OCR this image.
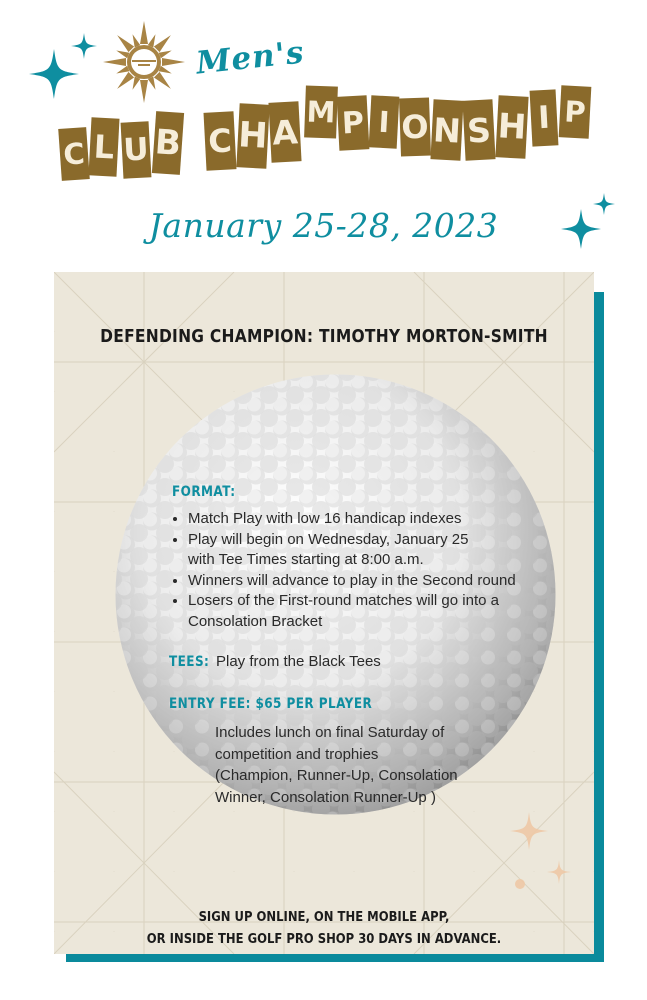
Men's
C L U B C H A M P I O N S H I P
January 25-28, 2023
DEFENDING CHAMPION: TIMOTHY MORTON-SMITH
FORMAT:
• Match Play with low 16 handicap indexes
• Play will begin on Wednesday, January 25
with Tee Times starting at 8:00 a.m.
• Winners will advance to play in the Second round
• Losers of the First-round matches will go into a
Consolation Bracket
TEES: Play from the Black Tees
ENTRY FEE: $65 PER PLAYER
Includes lunch on final Saturday of
competition and trophies
(Champion, Runner-Up, Consolation
Winner, Consolation Runner-Up )
SIGN UP ONLINE, ON THE MOBILE APP,
OR INSIDE THE GOLF PRO SHOP 30 DAYS IN ADVANCE.
